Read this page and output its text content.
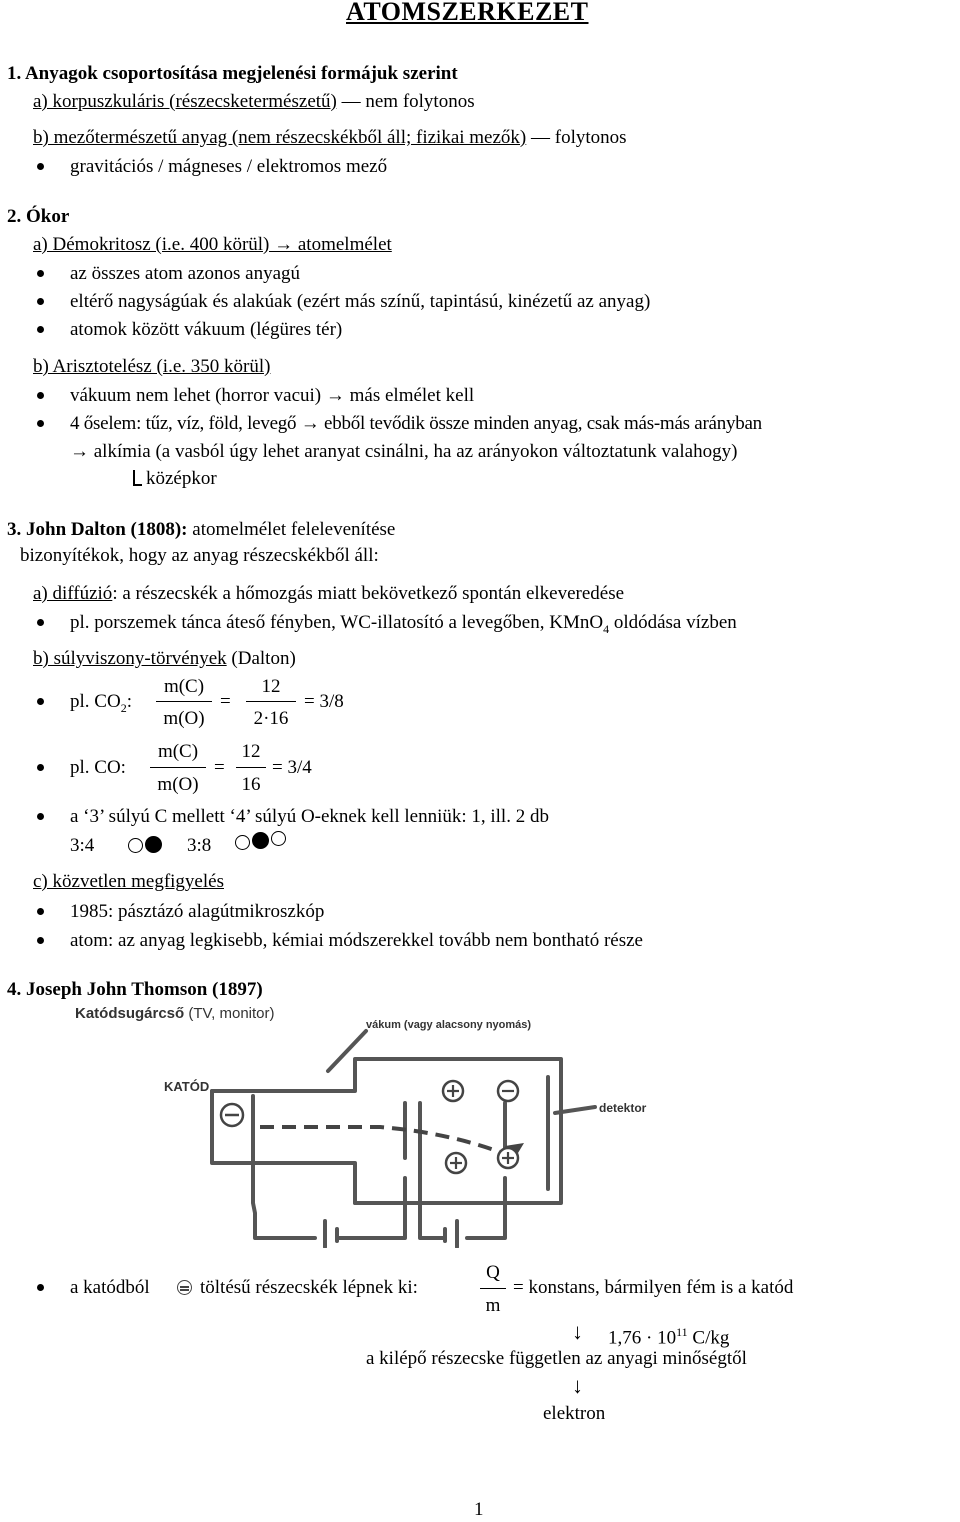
ATOMSZERKEZET
1. Anyagok csoportosítása megjelenési formájuk szerint
a) korpuszkuláris (részecsketermészetű) — nem folytonos
b) mezőtermészetű anyag (nem részecskékből áll; fizikai mezők) — folytonos
gravitációs / mágneses / elektromos mező
2. Ókor
a) Démokritosz (i.e. 400 körül) → atomelmélet
az összes atom azonos anyagú
eltérő nagyságúak és alakúak (ezért más színű, tapintású, kinézetű az anyag)
atomok között vákuum (légüres tér)
b) Arisztotelész (i.e. 350 körül)
vákuum nem lehet (horror vacui) → más elmélet kell
4 őselem: tűz, víz, föld, levegő → ebből tevődik össze minden anyag, csak más-más arányban
→ alkímia (a vasból úgy lehet aranyat csinálni, ha az arányokon változtatunk valahogy)
középkor
3. John Dalton (1808): atomelmélet felelevenítése
bizonyítékok, hogy az anyag részecskékből áll:
a) diffúzió: a részecskék a hőmozgás miatt bekövetkező spontán elkeveredése
pl. porszemek tánca áteső fényben, WC-illatosító a levegőben, KMnO$_4$ oldódása vízben
b) súlyviszony-törvények (Dalton)
pl. $CO_2$:
m(C)
m(O)
=
12
2·16
= 3/8
pl. CO:
m(C)
m(O)
=
12
16
= 3/4
a ‘3’ súlyú C mellett ‘4’ súlyú O-eknek kell lenniük: 1, ill. 2 db
3:4	3:8
c) közvetlen megfigyelés
1985: pásztázó alagútmikroszkóp
atom: az anyag legkisebb, kémiai módszerekkel tovább nem bontható része
4. Joseph John Thomson (1897)
Katódsugárcső (TV, monitor)
vákum (vagy alacsony nyomás)
KATÓD
detektor
a katódból	töltésű részecskék lépnek ki:
Q
m
= konstans, bármilyen fém is a katód
↓ $1,76 \cdot 10^{11}$ C/kg
a kilépő részecske független az anyagi minőségtől
↓
elektron
1
